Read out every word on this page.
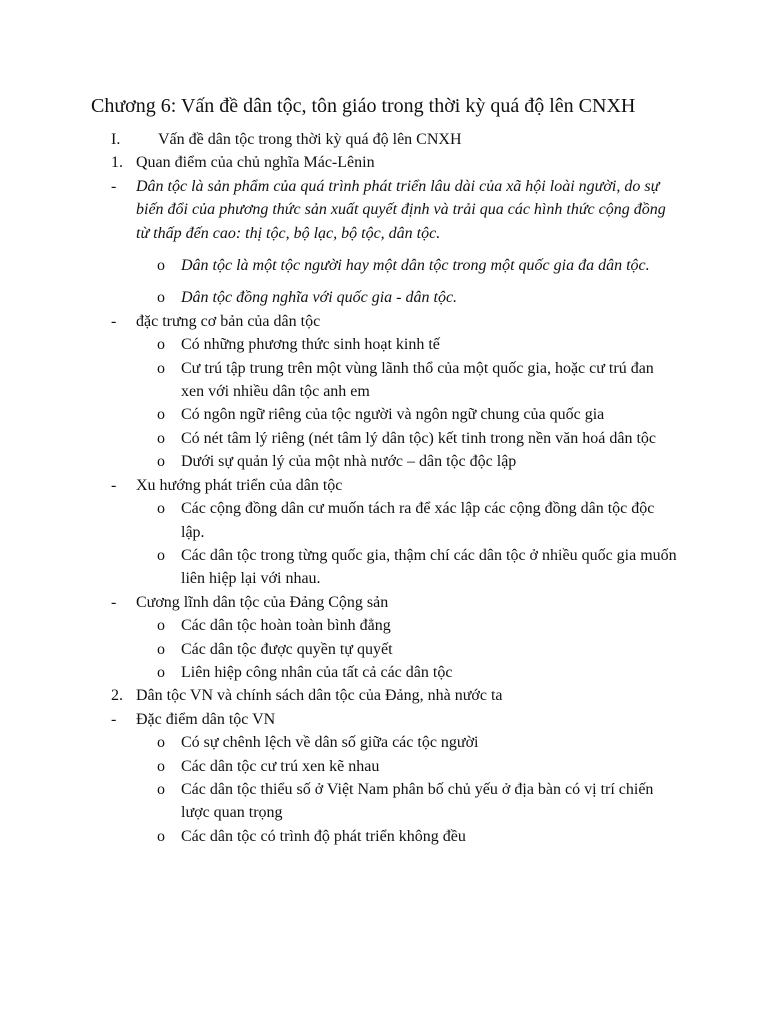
Chương 6: Vấn đề dân tộc, tôn giáo trong thời kỳ quá độ lên CNXH
I.	Vấn đề dân tộc trong thời kỳ quá độ lên CNXH
1. Quan điểm của chủ nghĩa Mác-Lênin
-	Dân tộc là sản phẩm của quá trình phát triển lâu dài của xã hội loài người, do sự biến đổi của phương thức sản xuất quyết định và trải qua các hình thức cộng đồng từ thấp đến cao: thị tộc, bộ lạc, bộ tộc, dân tộc.
o	Dân tộc là một tộc người hay một dân tộc trong một quốc gia đa dân tộc.
o	Dân tộc đồng nghĩa với quốc gia - dân tộc.
-	đặc trưng cơ bản của dân tộc
o	Có những phương thức sinh hoạt kinh tế
o	Cư trú tập trung trên một vùng lãnh thổ của một quốc gia, hoặc cư trú đan xen với nhiều dân tộc anh em
o	Có ngôn ngữ riêng của tộc người và ngôn ngữ chung của quốc gia
o	Có nét tâm lý riêng (nét tâm lý dân tộc) kết tinh trong nền văn hoá dân tộc
o	Dưới sự quản lý của một nhà nước – dân tộc độc lập
-	Xu hướng phát triển của dân tộc
o	Các cộng đồng dân cư muốn tách ra để xác lập các cộng đồng dân tộc độc lập.
o	Các dân tộc trong từng quốc gia, thậm chí các dân tộc ở nhiều quốc gia muốn liên hiệp lại với nhau.
-	Cương lĩnh dân tộc của Đảng Cộng sản
o	Các dân tộc hoàn toàn bình đẳng
o	Các dân tộc được quyền tự quyết
o	Liên hiệp công nhân của tất cả các dân tộc
2. Dân tộc VN và chính sách dân tộc của Đảng, nhà nước ta
-	Đặc điểm dân tộc VN
o	Có sự chênh lệch về dân số giữa các tộc người
o	Các dân tộc cư trú xen kẽ nhau
o	Các dân tộc thiểu số ở Việt Nam phân bố chủ yếu ở địa bàn có vị trí chiến lược quan trọng
o	Các dân tộc có trình độ phát triển không đều
